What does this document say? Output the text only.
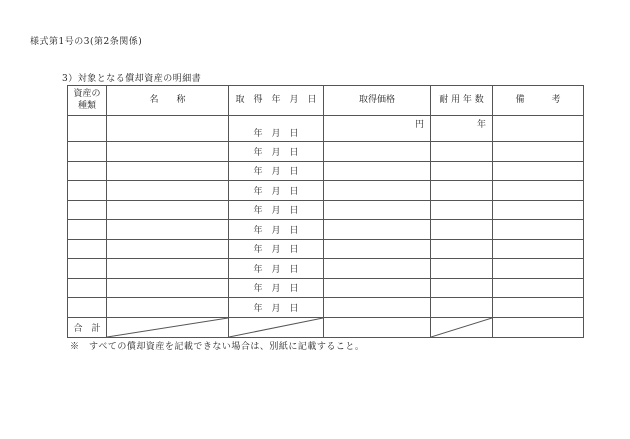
様式第1号の3(第2条関係)
3）対象となる償却資産の明細書
資産の
種類	名　　称	取　得　年　月　日	取得価格	耐 用 年 数	備　　　考
		年　月　日	円	年	
		年　月　日			
		年　月　日			
		年　月　日			
		年　月　日			
		年　月　日			
		年　月　日			
		年　月　日			
		年　月　日			
		年　月　日			
合　計	

※　すべての償却資産を記載できない場合は、別紙に記載すること。
